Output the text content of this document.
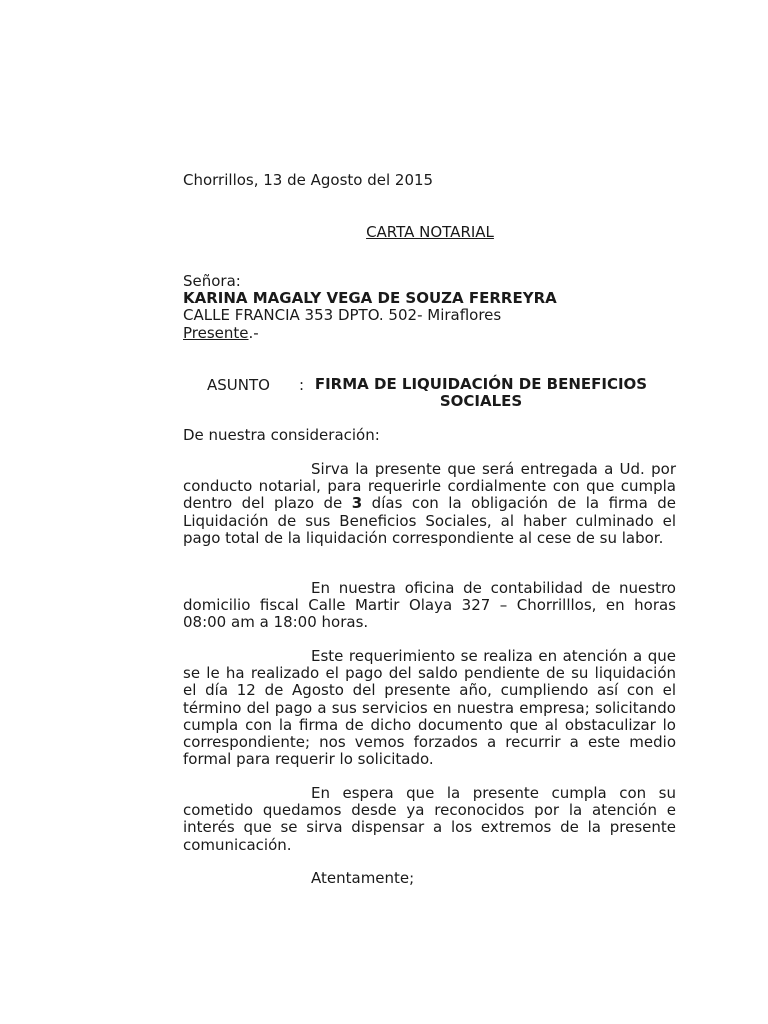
Chorrillos, 13 de Agosto del 2015
CARTA NOTARIAL
Señora:
KARINA MAGALY VEGA DE SOUZA FERREYRA
CALLE FRANCIA 353 DPTO. 502- Miraflores
Presente.-
ASUNTO : FIRMA DE LIQUIDACIÓN DE BENEFICIOS SOCIALES
De nuestra consideración:
Sirva la presente que será entregada a Ud. por conducto notarial, para requerirle cordialmente con que cumpla dentro del plazo de 3 días con la obligación de la firma de Liquidación de sus Beneficios Sociales, al haber culminado el pago total de la liquidación correspondiente al cese de su labor.
En nuestra oficina de contabilidad de nuestro domicilio fiscal Calle Martir Olaya 327 – Chorrilllos, en horas 08:00 am a 18:00 horas.
Este requerimiento se realiza en atención a que se le ha realizado el pago del saldo pendiente de su liquidación el día 12 de Agosto del presente año, cumpliendo así con el término del pago a sus servicios en nuestra empresa; solicitando cumpla con la firma de dicho documento que al obstaculizar lo correspondiente; nos vemos forzados a recurrir a este medio formal para requerir lo solicitado.
En espera que la presente cumpla con su cometido quedamos desde ya reconocidos por la atención e interés que se sirva dispensar a los extremos de la presente comunicación.
Atentamente;
